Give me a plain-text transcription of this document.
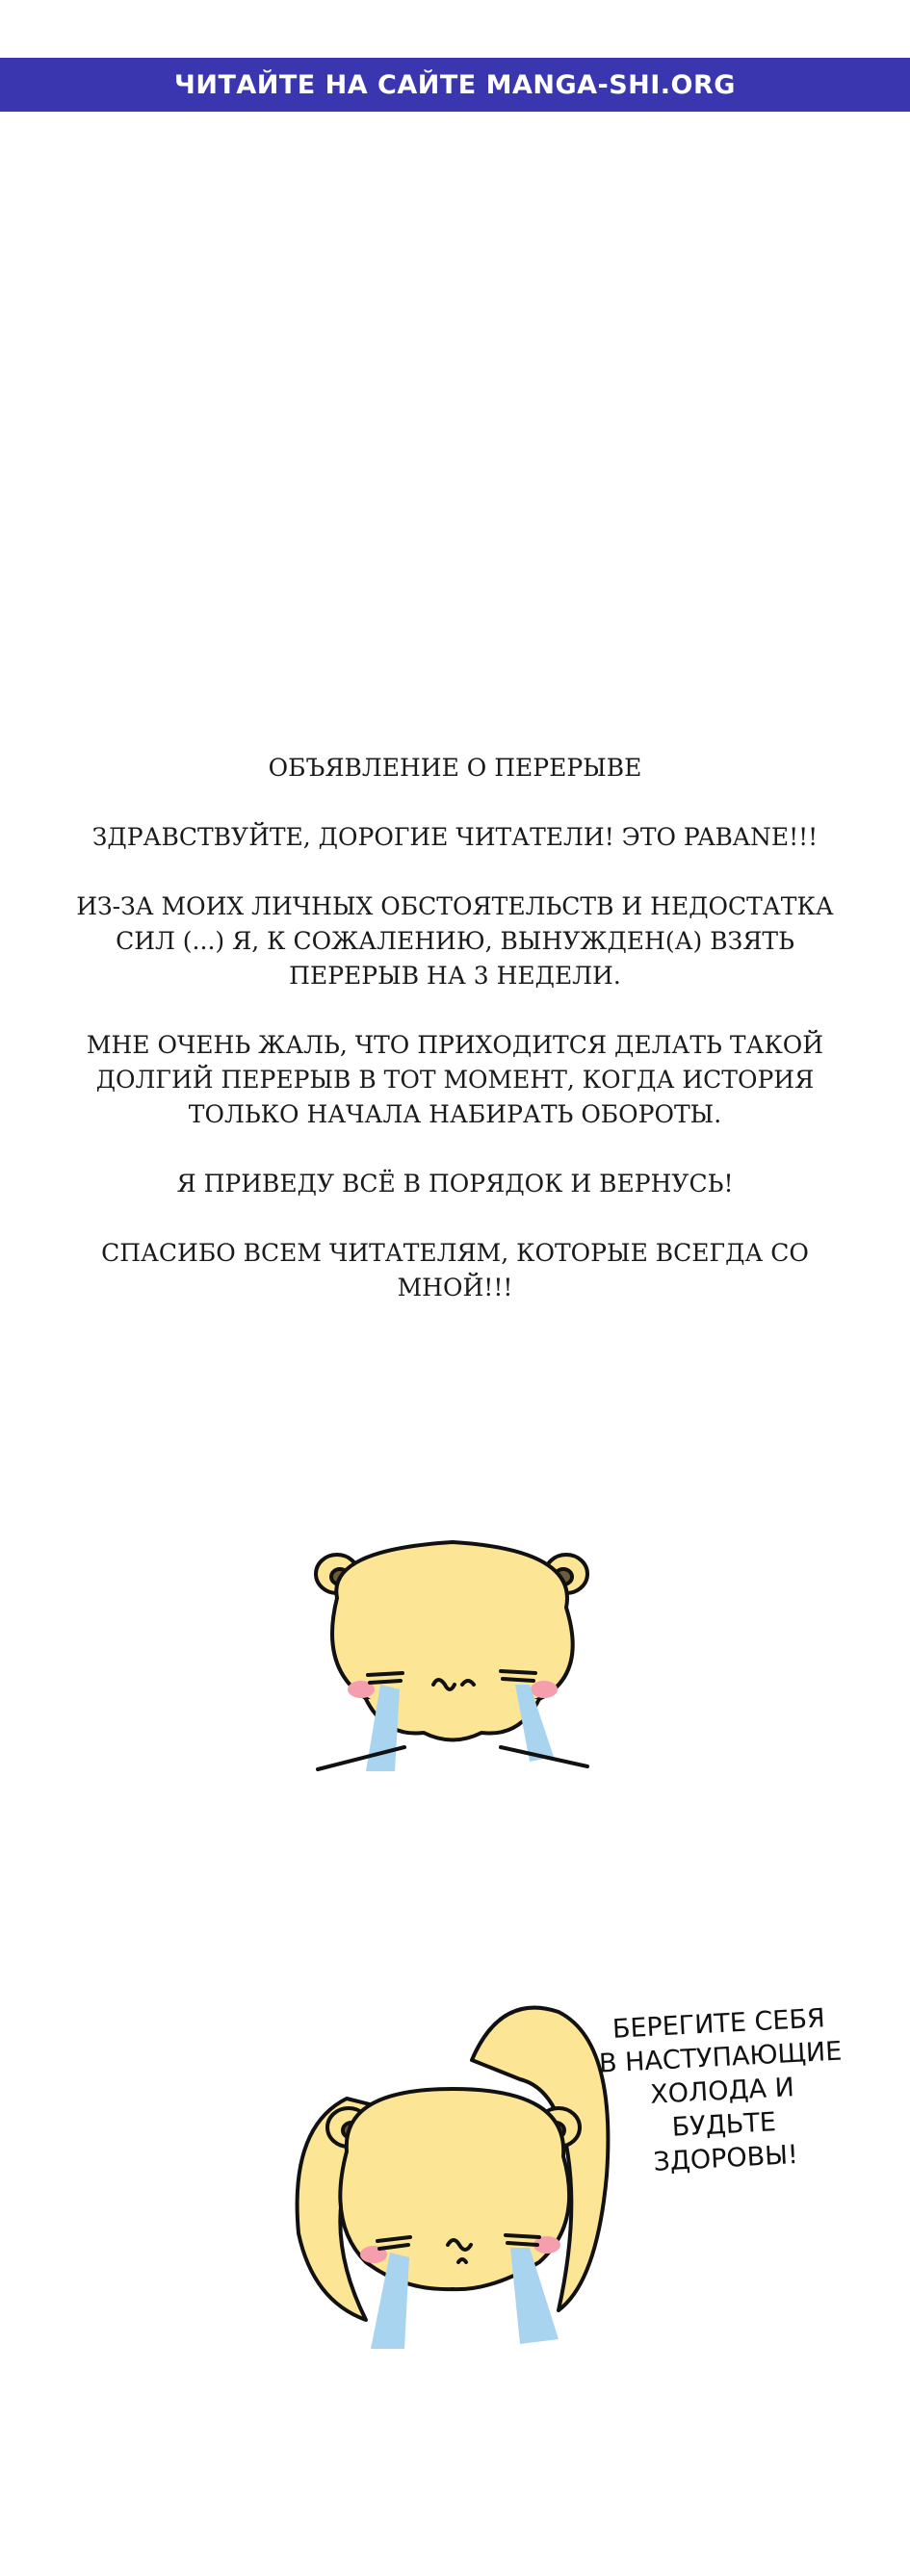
ЧИТАЙТЕ НА САЙТЕ MANGA-SHI.ORG

ОБЪЯВЛЕНИЕ О ПЕРЕРЫВЕ

ЗДРАВСТВУЙТЕ, ДОРОГИЕ ЧИТАТЕЛИ! ЭТО PABANE!!!

ИЗ-ЗА МОИХ ЛИЧНЫХ ОБСТОЯТЕЛЬСТВ И НЕДОСТАТКА СИЛ (...) Я, К СОЖАЛЕНИЮ, ВЫНУЖДЕН(А) ВЗЯТЬ ПЕРЕРЫВ НА 3 НЕДЕЛИ.

МНЕ ОЧЕНЬ ЖАЛЬ, ЧТО ПРИХОДИТСЯ ДЕЛАТЬ ТАКОЙ ДОЛГИЙ ПЕРЕРЫВ В ТОТ МОМЕНТ, КОГДА ИСТОРИЯ ТОЛЬКО НАЧАЛА НАБИРАТЬ ОБОРОТЫ.

Я ПРИВЕДУ ВСЁ В ПОРЯДОК И ВЕРНУСЬ!

СПАСИБО ВСЕМ ЧИТАТЕЛЯМ, КОТОРЫЕ ВСЕГДА СО МНОЙ!!!

БЕРЕГИТЕ СЕБЯ
В НАСТУПАЮЩИЕ
ХОЛОДА И БУДЬТЕ
ЗДОРОВЫ!
